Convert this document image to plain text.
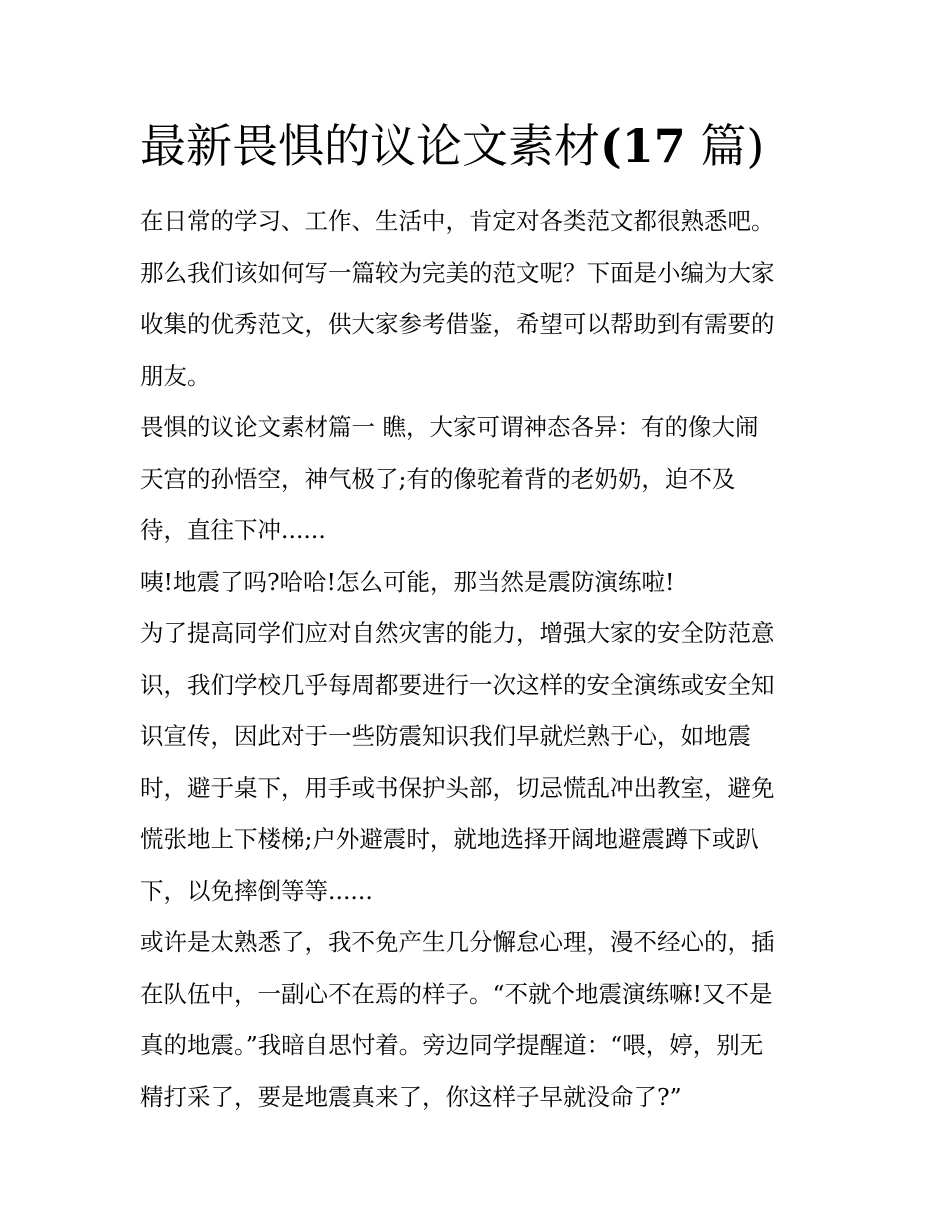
最新畏惧的议论文素材(17 篇)
在日常的学习、工作、生活中，肯定对各类范文都很熟悉吧。
那么我们该如何写一篇较为完美的范文呢？下面是小编为大家
收集的优秀范文，供大家参考借鉴，希望可以帮助到有需要的
朋友。
畏惧的议论文素材篇一 瞧，大家可谓神态各异：有的像大闹
天宫的孙悟空，神气极了;有的像驼着背的老奶奶，迫不及
待，直往下冲......
咦!地震了吗?哈哈!怎么可能，那当然是震防演练啦!
为了提高同学们应对自然灾害的能力，增强大家的安全防范意
识，我们学校几乎每周都要进行一次这样的安全演练或安全知
识宣传，因此对于一些防震知识我们早就烂熟于心，如地震
时，避于桌下，用手或书保护头部，切忌慌乱冲出教室，避免
慌张地上下楼梯;户外避震时，就地选择开阔地避震蹲下或趴
下，以免摔倒等等......
或许是太熟悉了，我不免产生几分懈怠心理，漫不经心的，插
在队伍中，一副心不在焉的样子。“不就个地震演练嘛!又不是
真的地震。”我暗自思忖着。旁边同学提醒道：“喂，婷，别无
精打采了，要是地震真来了，你这样子早就没命了?”
